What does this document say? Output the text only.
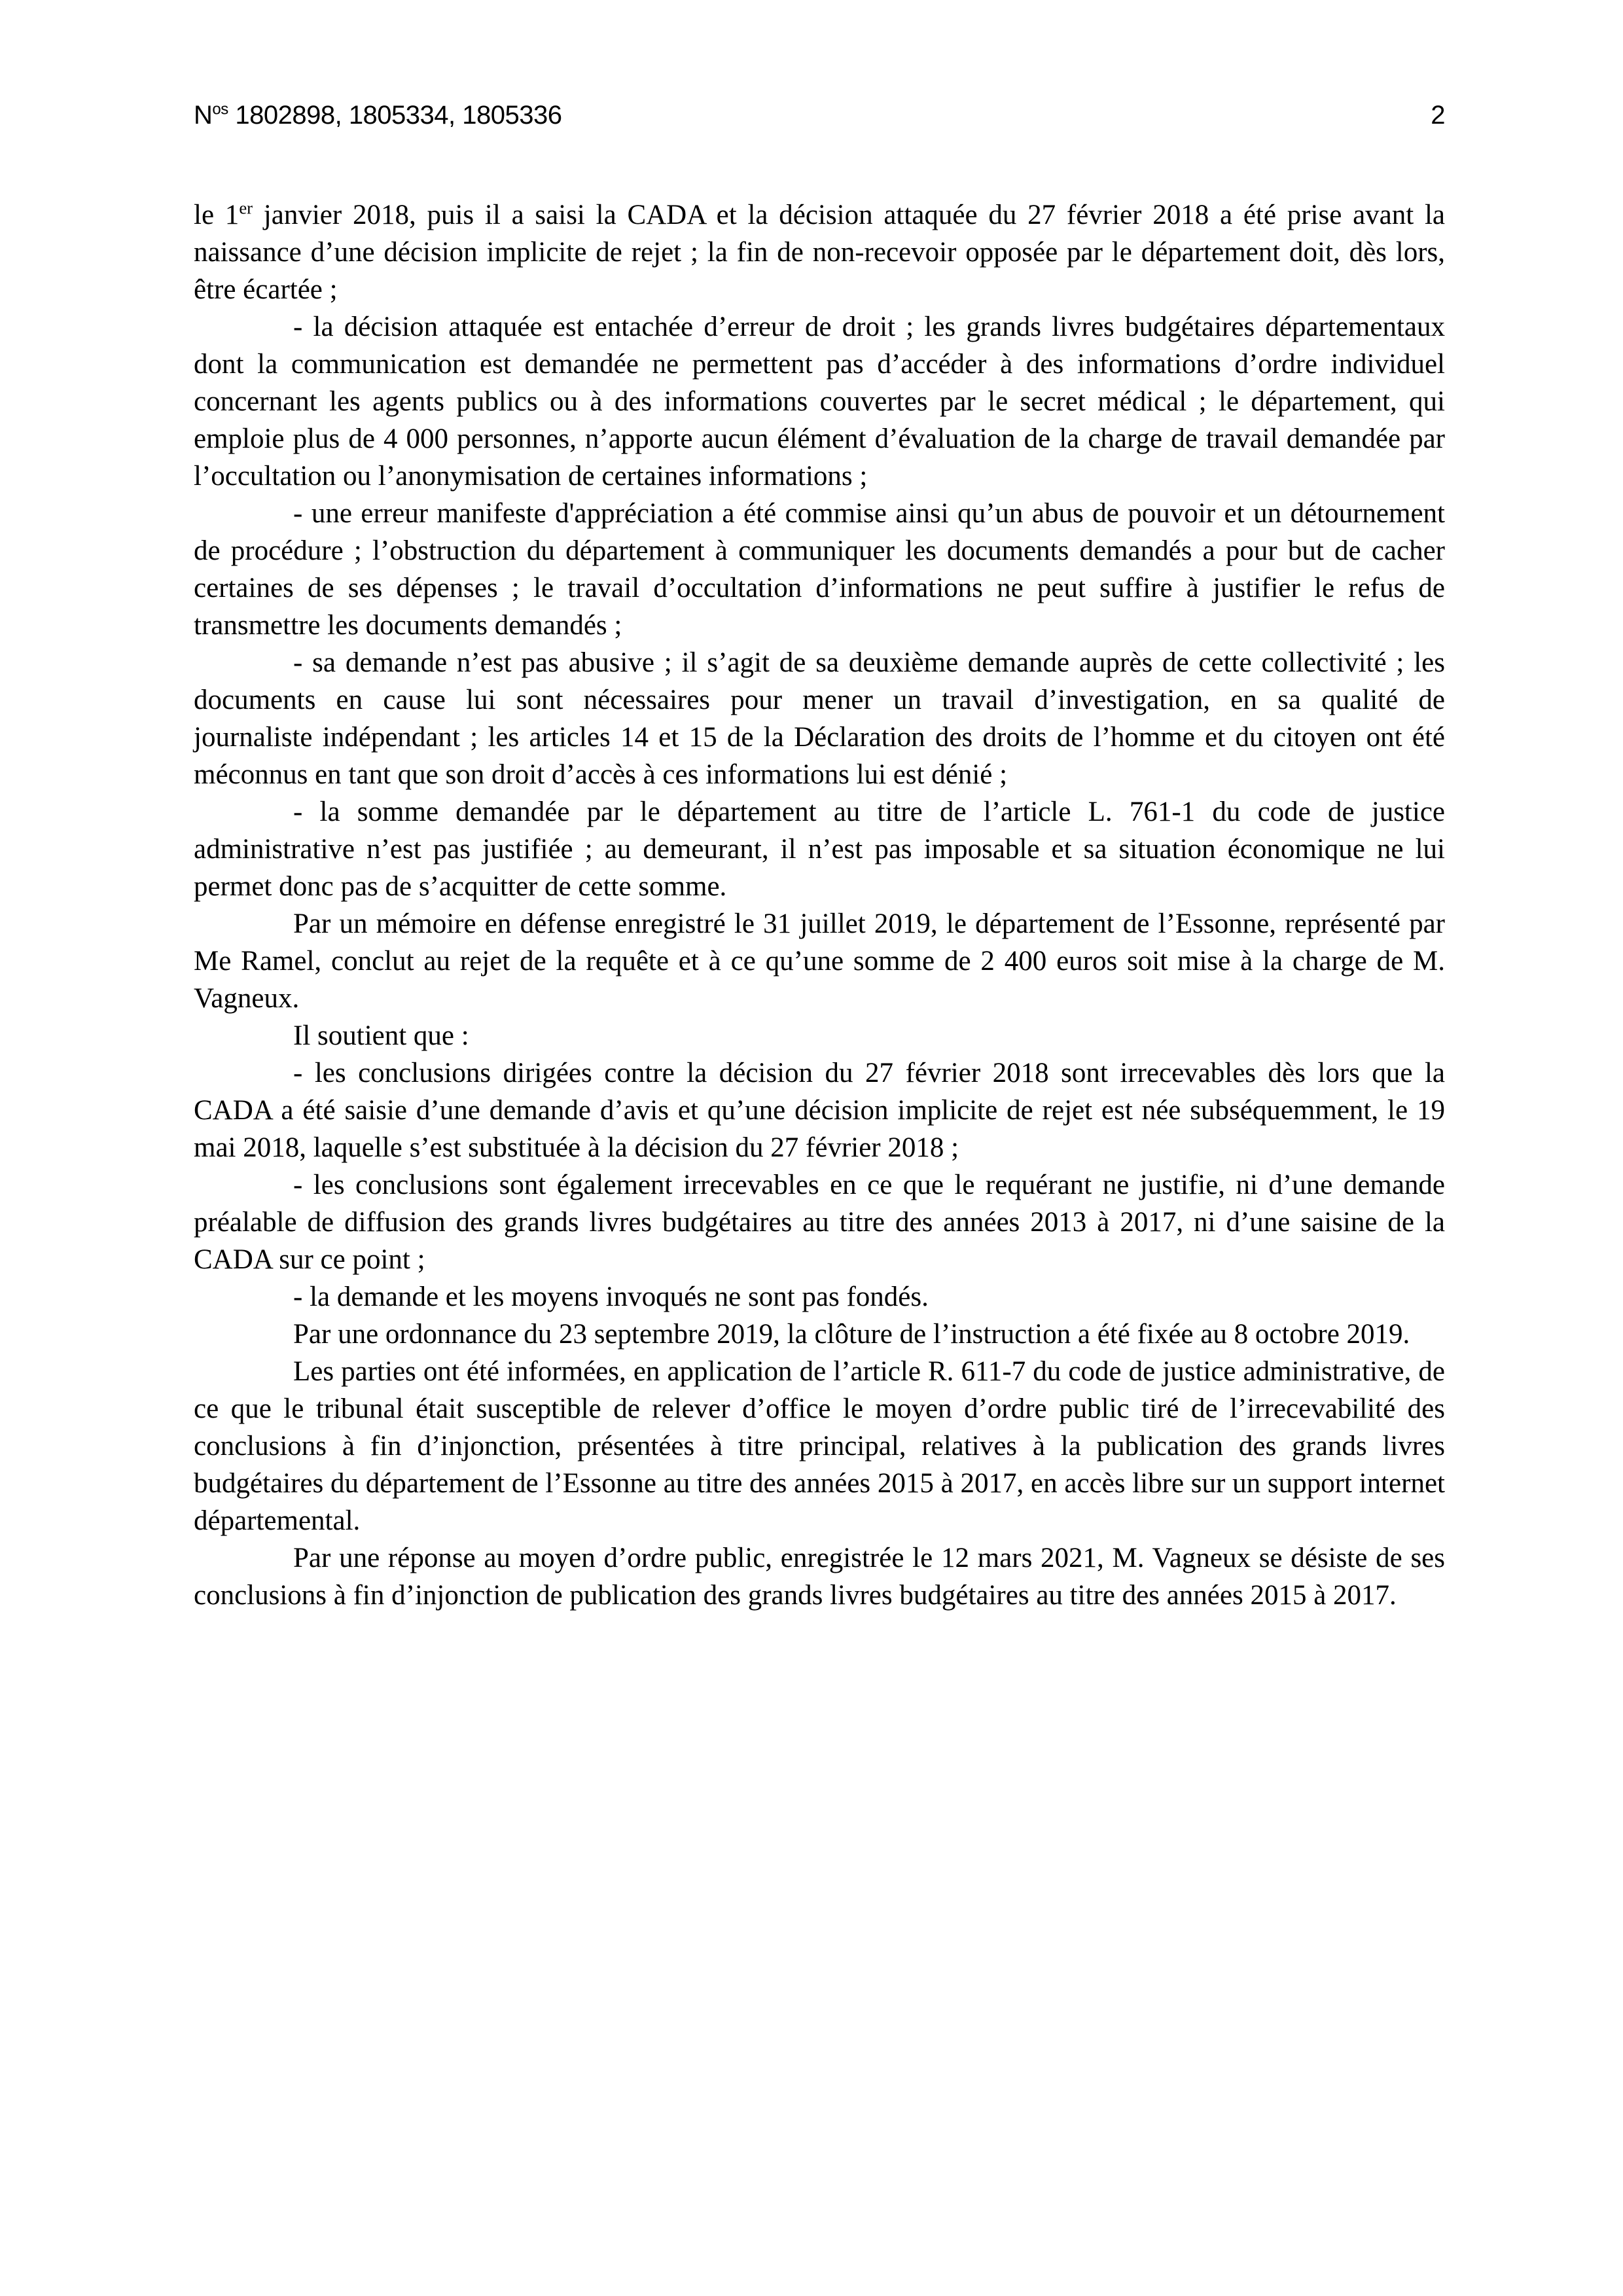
$N^{os}$ 1802898, 1805334, 1805336	2

le 1er janvier 2018, puis il a saisi la CADA et la décision attaquée du 27 février 2018 a été prise avant la naissance d’une décision implicite de rejet ; la fin de non-recevoir opposée par le département doit, dès lors, être écartée ;

- la décision attaquée est entachée d’erreur de droit ; les grands livres budgétaires départementaux dont la communication est demandée ne permettent pas d’accéder à des informations d’ordre individuel concernant les agents publics ou à des informations couvertes par le secret médical ; le département, qui emploie plus de 4 000 personnes, n’apporte aucun élément d’évaluation de la charge de travail demandée par l’occultation ou l’anonymisation de certaines informations ;

- une erreur manifeste d'appréciation a été commise ainsi qu’un abus de pouvoir et un détournement de procédure ; l’obstruction du département à communiquer les documents demandés a pour but de cacher certaines de ses dépenses ; le travail d’occultation d’informations ne peut suffire à justifier le refus de transmettre les documents demandés ;

- sa demande n’est pas abusive ; il s’agit de sa deuxième demande auprès de cette collectivité ; les documents en cause lui sont nécessaires pour mener un travail d’investigation, en sa qualité de journaliste indépendant ; les articles 14 et 15 de la Déclaration des droits de l’homme et du citoyen ont été méconnus en tant que son droit d’accès à ces informations lui est dénié ;

- la somme demandée par le département au titre de l’article L. 761-1 du code de justice administrative n’est pas justifiée ; au demeurant, il n’est pas imposable et sa situation économique ne lui permet donc pas de s’acquitter de cette somme.

Par un mémoire en défense enregistré le 31 juillet 2019, le département de l’Essonne, représenté par Me Ramel, conclut au rejet de la requête et à ce qu’une somme de 2 400 euros soit mise à la charge de M. Vagneux.

Il soutient que :

- les conclusions dirigées contre la décision du 27 février 2018 sont irrecevables dès lors que la CADA a été saisie d’une demande d’avis et qu’une décision implicite de rejet est née subséquemment, le 19 mai 2018, laquelle s’est substituée à la décision du 27 février 2018 ;

- les conclusions sont également irrecevables en ce que le requérant ne justifie, ni d’une demande préalable de diffusion des grands livres budgétaires au titre des années 2013 à 2017, ni d’une saisine de la CADA sur ce point ;

- la demande et les moyens invoqués ne sont pas fondés.

Par une ordonnance du 23 septembre 2019, la clôture de l’instruction a été fixée au 8 octobre 2019.

Les parties ont été informées, en application de l’article R. 611-7 du code de justice administrative, de ce que le tribunal était susceptible de relever d’office le moyen d’ordre public tiré de l’irrecevabilité des conclusions à fin d’injonction, présentées à titre principal, relatives à la publication des grands livres budgétaires du département de l’Essonne au titre des années 2015 à 2017, en accès libre sur un support internet départemental.

Par une réponse au moyen d’ordre public, enregistrée le 12 mars 2021, M. Vagneux se désiste de ses conclusions à fin d’injonction de publication des grands livres budgétaires au titre des années 2015 à 2017.
